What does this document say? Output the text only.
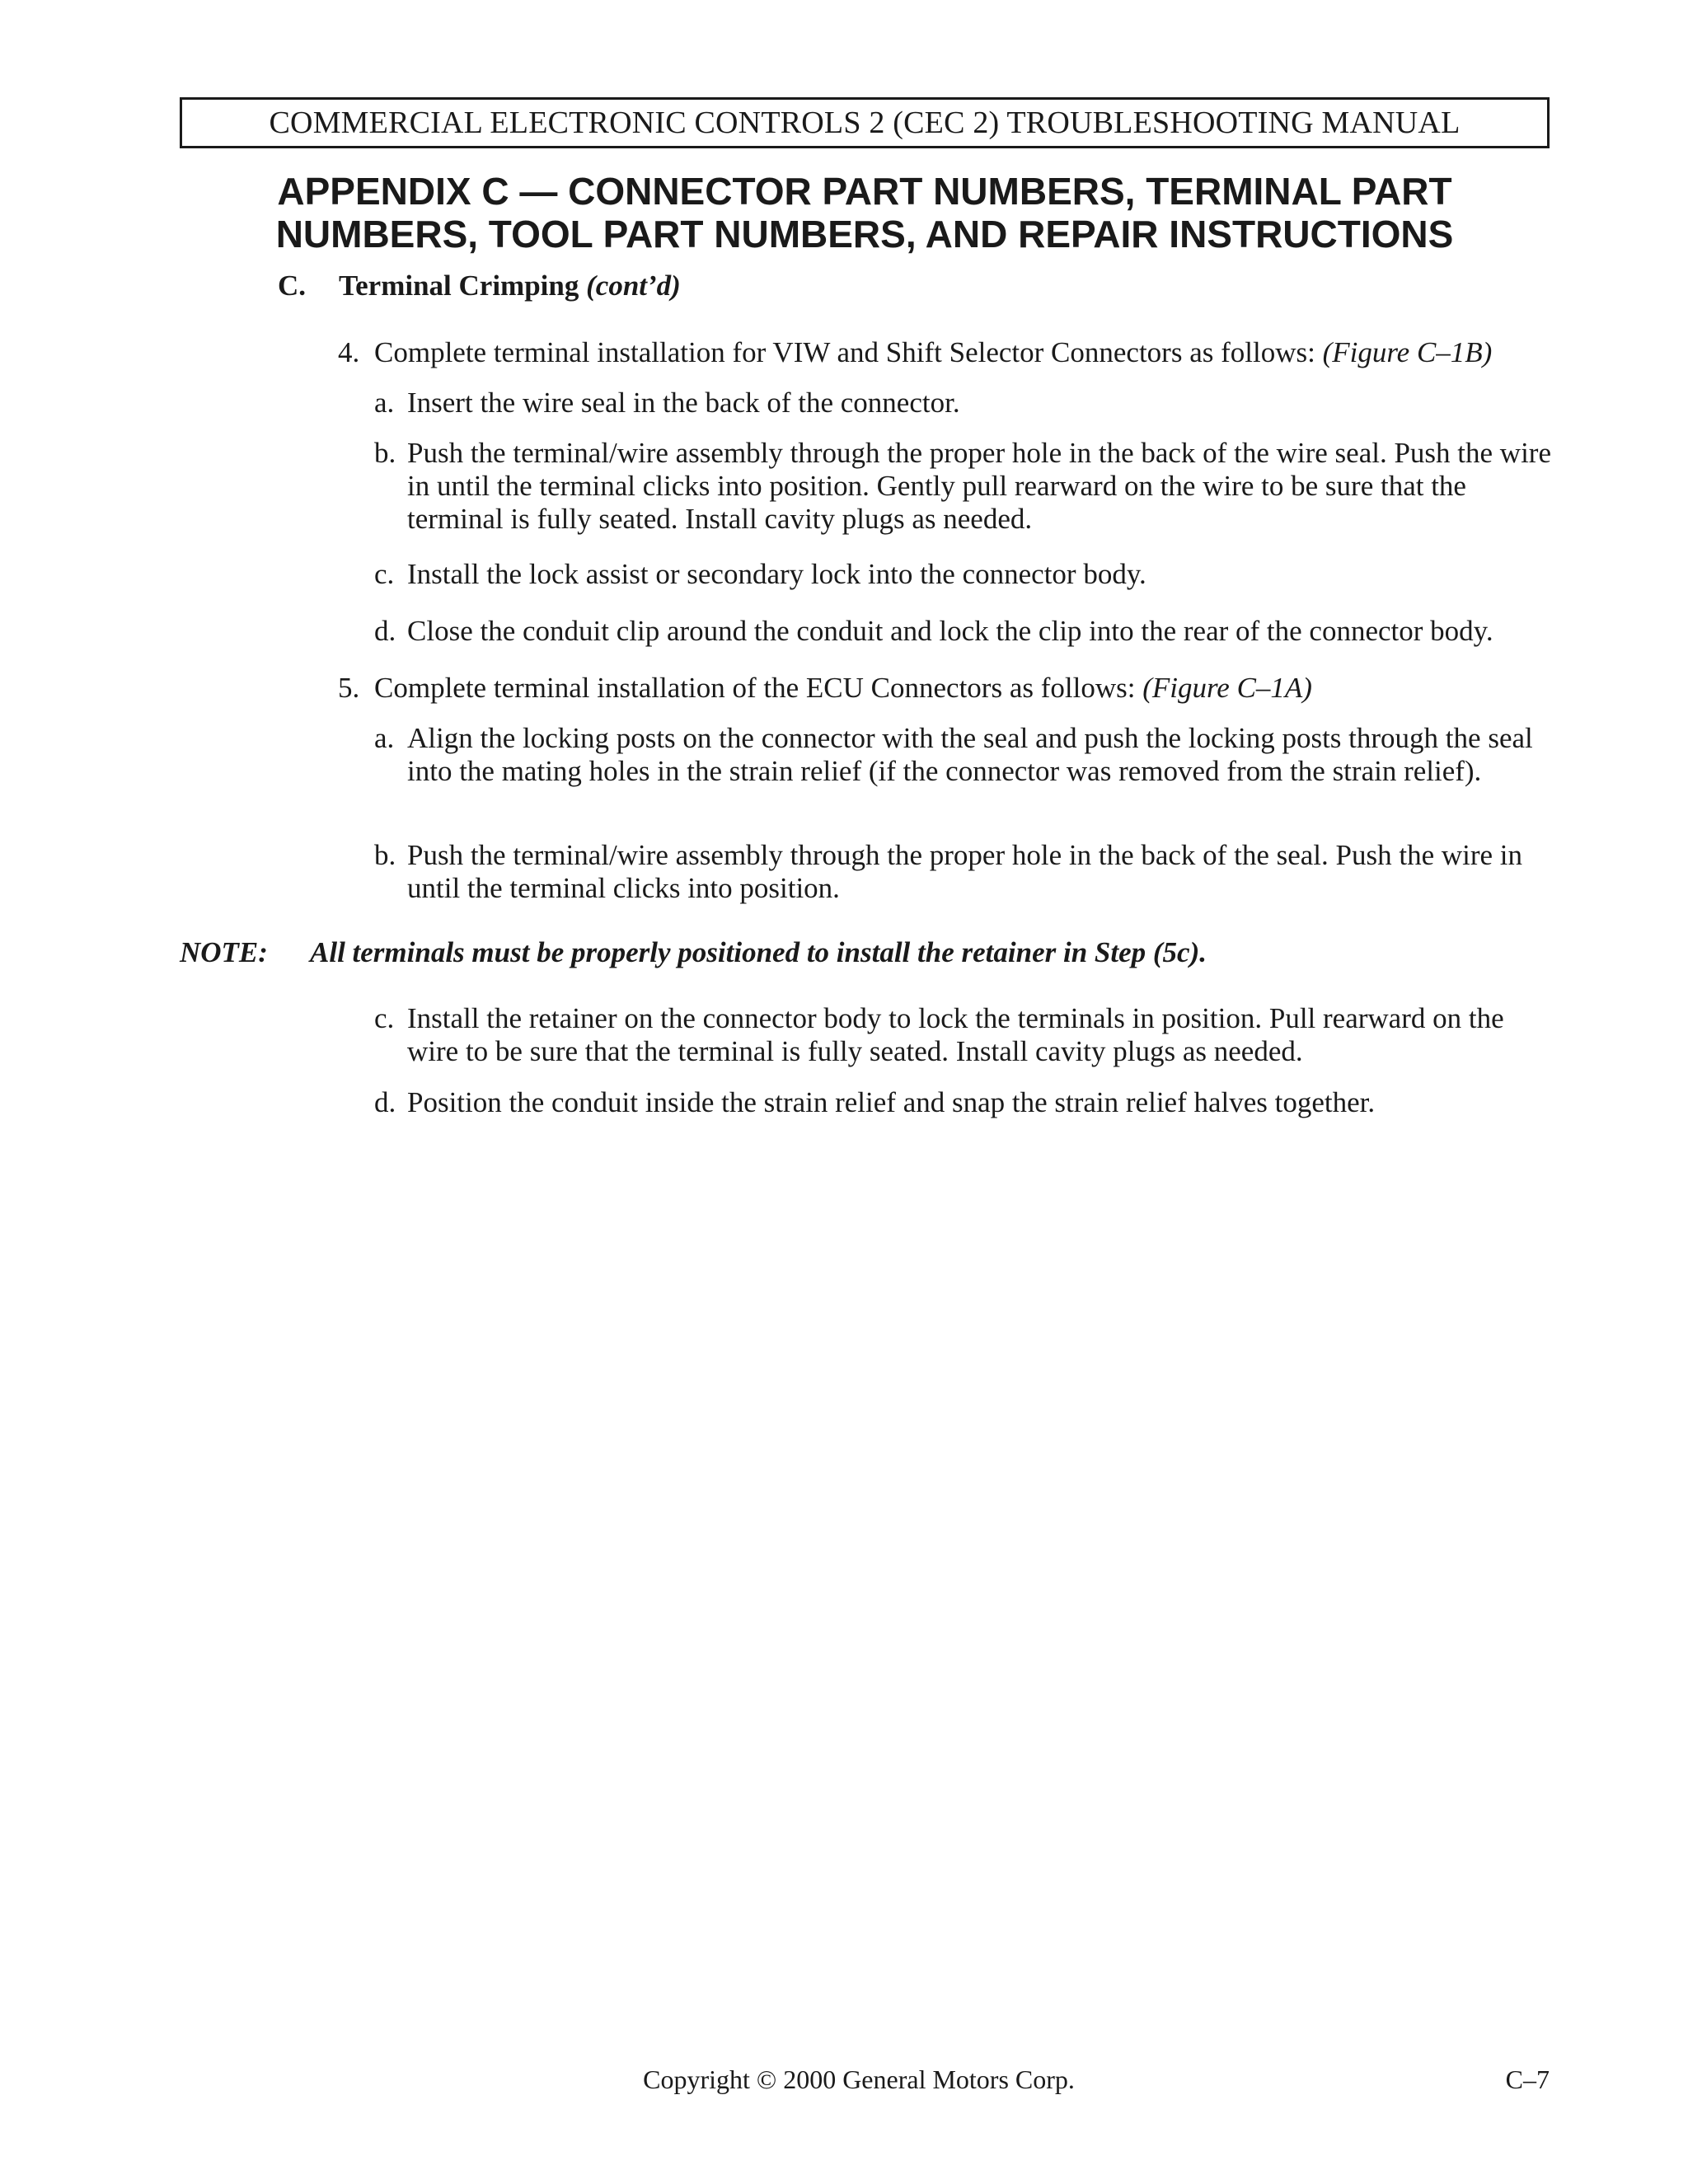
COMMERCIAL ELECTRONIC CONTROLS 2 (CEC 2) TROUBLESHOOTING MANUAL
APPENDIX C — CONNECTOR PART NUMBERS, TERMINAL PART
NUMBERS, TOOL PART NUMBERS, AND REPAIR INSTRUCTIONS
C. Terminal Crimping (cont’d)
4. Complete terminal installation for VIW and Shift Selector Connectors as follows: (Figure C–1B)
a. Insert the wire seal in the back of the connector.
b. Push the terminal/wire assembly through the proper hole in the back of the wire seal. Push the wire in until the terminal clicks into position. Gently pull rearward on the wire to be sure that the terminal is fully seated. Install cavity plugs as needed.
c. Install the lock assist or secondary lock into the connector body.
d. Close the conduit clip around the conduit and lock the clip into the rear of the connector body.
5. Complete terminal installation of the ECU Connectors as follows: (Figure C–1A)
a. Align the locking posts on the connector with the seal and push the locking posts through the seal into the mating holes in the strain relief (if the connector was removed from the strain relief).
b. Push the terminal/wire assembly through the proper hole in the back of the seal. Push the wire in until the terminal clicks into position.
NOTE: All terminals must be properly positioned to install the retainer in Step (5c).
c. Install the retainer on the connector body to lock the terminals in position. Pull rearward on the wire to be sure that the terminal is fully seated. Install cavity plugs as needed.
d. Position the conduit inside the strain relief and snap the strain relief halves together.
Copyright © 2000 General Motors Corp.	C–7
